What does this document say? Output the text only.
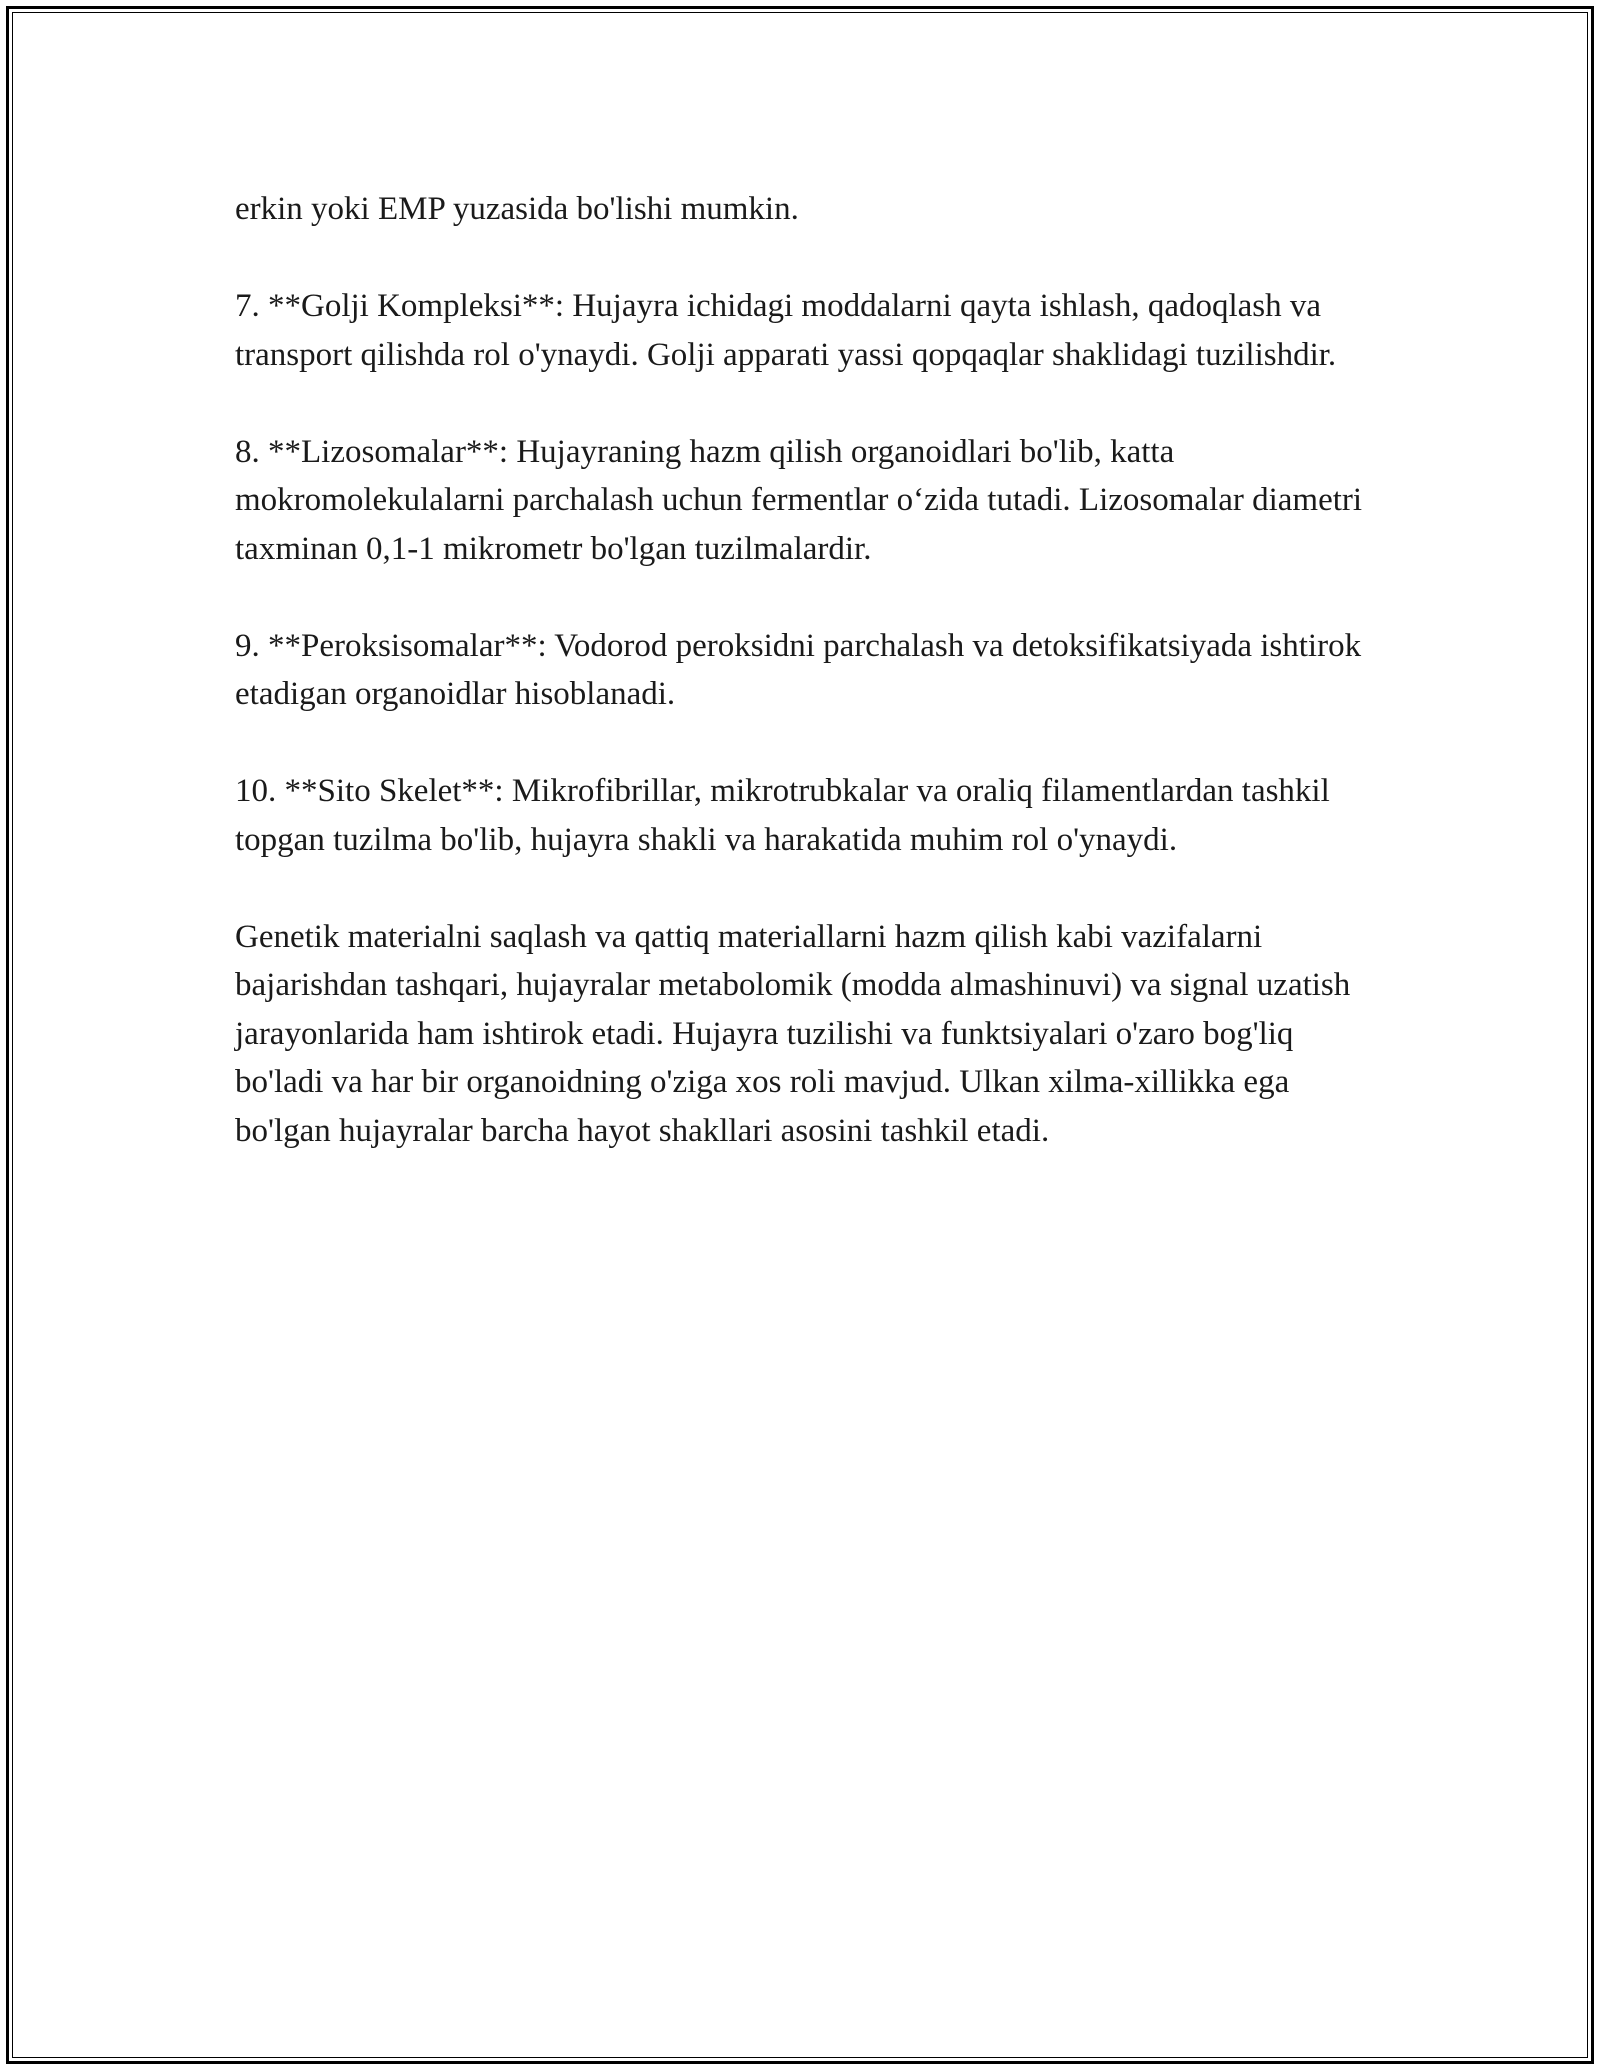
erkin yoki EMP yuzasida bo'lishi mumkin.

7. **Golji Kompleksi**: Hujayra ichidagi moddalarni qayta ishlash, qadoqlash va transport qilishda rol o'ynaydi. Golji apparati yassi qopqaqlar shaklidagi tuzilishdir.

8. **Lizosomalar**: Hujayraning hazm qilish organoidlari bo'lib, katta mokromolekulalarni parchalash uchun fermentlar o‘zida tutadi. Lizosomalar diametri taxminan 0,1-1 mikrometr bo'lgan tuzilmalardir.

9. **Peroksisomalar**: Vodorod peroksidni parchalash va detoksifikatsiyada ishtirok etadigan organoidlar hisoblanadi.

10. **Sito Skelet**: Mikrofibrillar, mikrotrubkalar va oraliq filamentlardan tashkil topgan tuzilma bo'lib, hujayra shakli va harakatida muhim rol o'ynaydi.

Genetik materialni saqlash va qattiq materiallarni hazm qilish kabi vazifalarni bajarishdan tashqari, hujayralar metabolomik (modda almashinuvi) va signal uzatish jarayonlarida ham ishtirok etadi. Hujayra tuzilishi va funktsiyalari o'zaro bog'liq bo'ladi va har bir organoidning o'ziga xos roli mavjud. Ulkan xilma-xillikka ega bo'lgan hujayralar barcha hayot shakllari asosini tashkil etadi.
